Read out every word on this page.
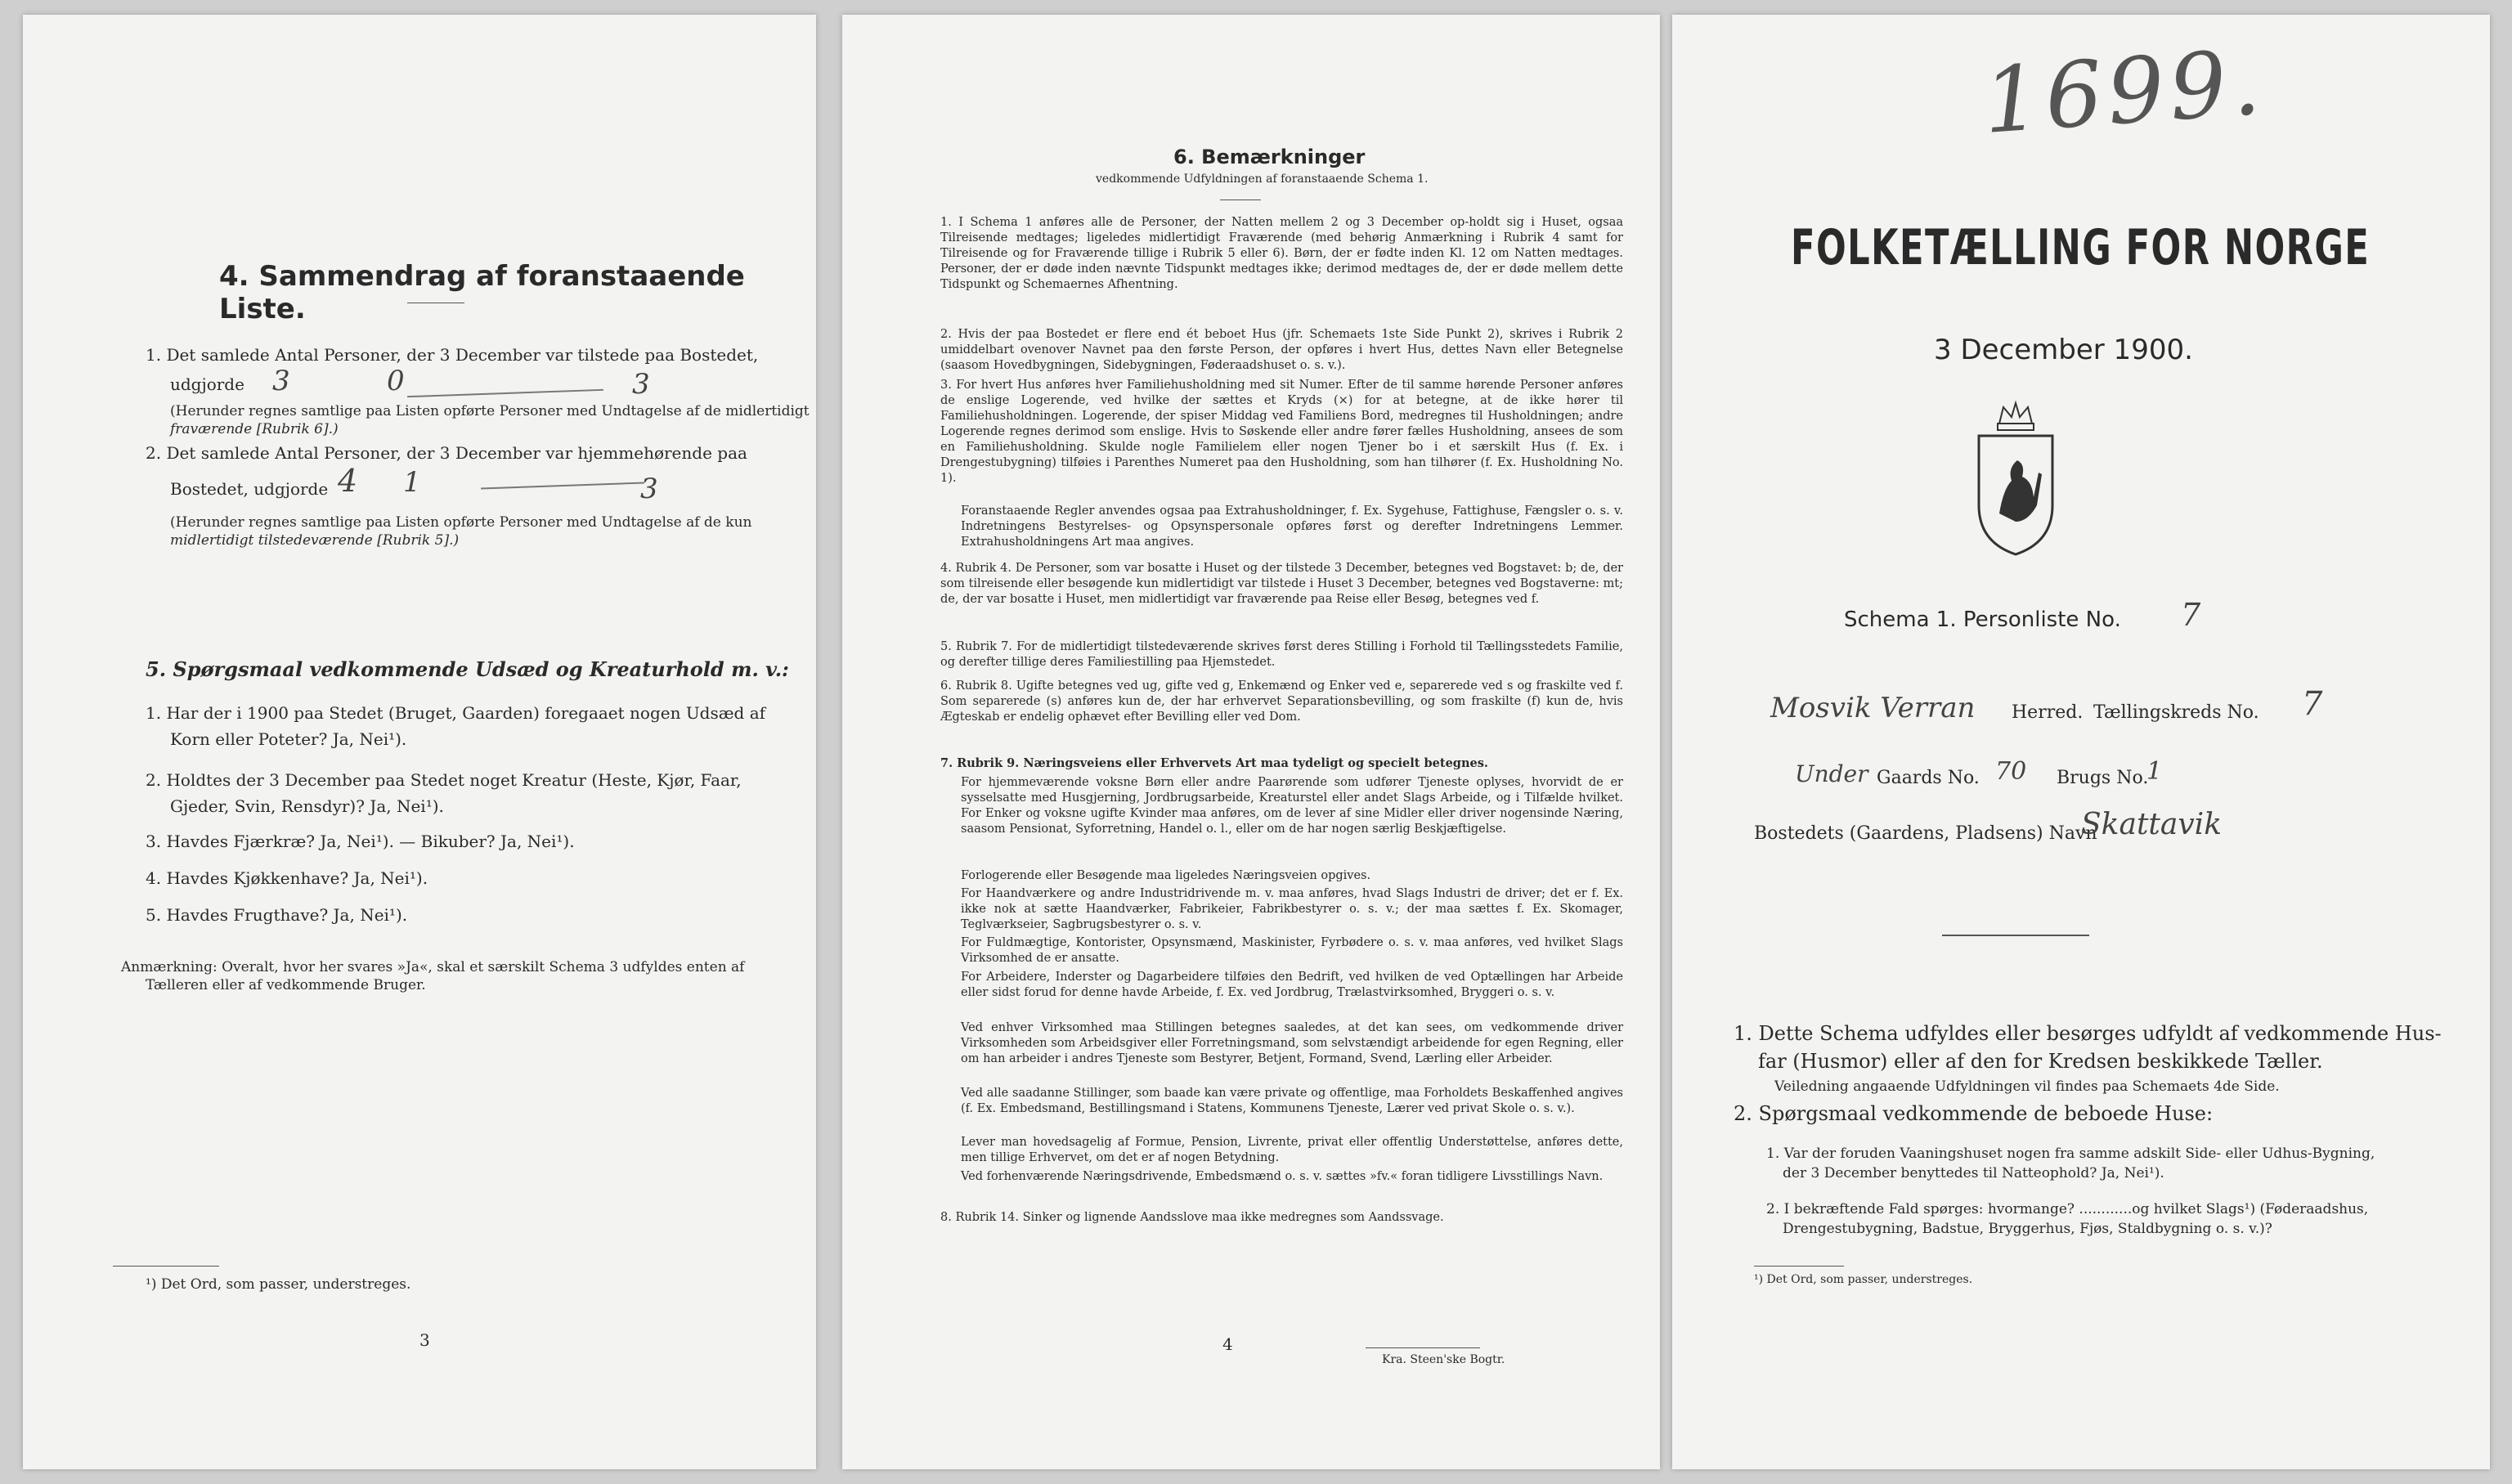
4. Sammendrag af foranstaaende Liste.
1. Det samlede Antal Personer, der 3 December var tilstede paa Bostedet,
udgjorde 3	0	3
(Herunder regnes samtlige paa Listen opførte Personer med Undtagelse af de midlertidigt
fraværende [Rubrik 6].)
2. Det samlede Antal Personer, der 3 December var hjemmehørende paa
Bostedet, udgjorde 4 1	3
(Herunder regnes samtlige paa Listen opførte Personer med Undtagelse af de kun
midlertidigt tilstedeværende [Rubrik 5].)
5. Spørgsmaal vedkommende Udsæd og Kreaturhold m. v.:
1. Har der i 1900 paa Stedet (Bruget, Gaarden) foregaaet nogen Udsæd af
Korn eller Poteter? Ja, Nei¹).
2. Holdtes der 3 December paa Stedet noget Kreatur (Heste, Kjør, Faar,
Gjeder, Svin, Rensdyr)? Ja, Nei¹).
3. Havdes Fjærkræ? Ja, Nei¹). — Bikuber? Ja, Nei¹).
4. Havdes Kjøkkenhave? Ja, Nei¹).
5. Havdes Frugthave? Ja, Nei¹).
Anmærkning: Overalt, hvor her svares »Ja«, skal et særskilt Schema 3 udfyldes enten af
Tælleren eller af vedkommende Bruger.
¹) Det Ord, som passer, understreges.
3
6. Bemærkninger
vedkommende Udfyldningen af foranstaaende Schema 1.
1. I Schema 1 anføres alle de Personer, der Natten mellem 2 og 3 December op-holdt sig i Huset, ogsaa Tilreisende medtages; ligeledes midlertidigt Fraværende (med behørig Anmærkning i Rubrik 4 samt for Tilreisende og for Fraværende tillige i Rubrik 5 eller 6). Børn, der er fødte inden Kl. 12 om Natten medtages. Personer, der er døde inden nævnte Tidspunkt medtages ikke; derimod medtages de, der er døde mellem dette Tidspunkt og Schemaernes Afhentning.
2. Hvis der paa Bostedet er flere end ét beboet Hus (jfr. Schemaets 1ste Side Punkt 2), skrives i Rubrik 2 umiddelbart ovenover Navnet paa den første Person, der opføres i hvert Hus, dettes Navn eller Betegnelse (saasom Hovedbygningen, Sidebygningen, Føderaadshuset o. s. v.).
3. For hvert Hus anføres hver Familiehusholdning med sit Numer. Efter de til samme hørende Personer anføres de enslige Logerende, ved hvilke der sættes et Kryds (×) for at betegne, at de ikke hører til Familiehusholdningen. Logerende, der spiser Middag ved Familiens Bord, medregnes til Husholdningen; andre Logerende regnes derimod som enslige. Hvis to Søskende eller andre fører fælles Husholdning, ansees de som en Familiehusholdning. Skulde nogle Familielem eller nogen Tjener bo i et særskilt Hus (f. Ex. i Drengestubygning) tilføies i Parenthes Numeret paa den Husholdning, som han tilhører (f. Ex. Husholdning No. 1).
Foranstaaende Regler anvendes ogsaa paa Extrahusholdninger, f. Ex. Sygehuse, Fattighuse, Fængsler o. s. v. Indretningens Bestyrelses- og Opsynspersonale opføres først og derefter Indretningens Lemmer. Extrahusholdningens Art maa angives.
4. Rubrik 4. De Personer, som var bosatte i Huset og der tilstede 3 December, betegnes ved Bogstavet: b; de, der som tilreisende eller besøgende kun midlertidigt var tilstede i Huset 3 December, betegnes ved Bogstaverne: mt; de, der var bosatte i Huset, men midlertidigt var fraværende paa Reise eller Besøg, betegnes ved f.
5. Rubrik 7. For de midlertidigt tilstedeværende skrives først deres Stilling i Forhold til Tællingsstedets Familie, og derefter tillige deres Familiestilling paa Hjemstedet.
6. Rubrik 8. Ugifte betegnes ved ug, gifte ved g, Enkemænd og Enker ved e, separerede ved s og fraskilte ved f. Som separerede (s) anføres kun de, der har erhvervet Separationsbevilling, og som fraskilte (f) kun de, hvis Ægteskab er endelig ophævet efter Bevilling eller ved Dom.
7. Rubrik 9. Næringsveiens eller Erhvervets Art maa tydeligt og specielt betegnes.
For hjemmeværende voksne Børn eller andre Paarørende som udfører Tjeneste oplyses, hvorvidt de er sysselsatte med Husgjerning, Jordbrugsarbeide, Kreaturstel eller andet Slags Arbeide, og i Tilfælde hvilket. For Enker og voksne ugifte Kvinder maa anføres, om de lever af sine Midler eller driver nogensinde Næring, saasom Pensionat, Syforretning, Handel o. l., eller om de har nogen særlig Beskjæftigelse.
Forlogerende eller Besøgende maa ligeledes Næringsveien opgives.
For Haandværkere og andre Industridrivende m. v. maa anføres, hvad Slags Industri de driver; det er f. Ex. ikke nok at sætte Haandværker, Fabrikeier, Fabrikbestyrer o. s. v.; der maa sættes f. Ex. Skomager, Teglværkseier, Sagbrugsbestyrer o. s. v.
For Fuldmægtige, Kontorister, Opsynsmænd, Maskinister, Fyrbødere o. s. v. maa anføres, ved hvilket Slags Virksomhed de er ansatte.
For Arbeidere, Inderster og Dagarbeidere tilføies den Bedrift, ved hvilken de ved Optællingen har Arbeide eller sidst forud for denne havde Arbeide, f. Ex. ved Jordbrug, Trælastvirksomhed, Bryggeri o. s. v.
Ved enhver Virksomhed maa Stillingen betegnes saaledes, at det kan sees, om vedkommende driver Virksomheden som Arbeidsgiver eller Forretningsmand, som selvstændigt arbeidende for egen Regning, eller om han arbeider i andres Tjeneste som Bestyrer, Betjent, Formand, Svend, Lærling eller Arbeider.
Ved alle saadanne Stillinger, som baade kan være private og offentlige, maa Forholdets Beskaffenhed angives (f. Ex. Embedsmand, Bestillingsmand i Statens, Kommunens Tjeneste, Lærer ved privat Skole o. s. v.).
Lever man hovedsagelig af Formue, Pension, Livrente, privat eller offentlig Understøttelse, anføres dette, men tillige Erhvervet, om det er af nogen Betydning.
Ved forhenværende Næringsdrivende, Embedsmænd o. s. v. sættes »fv.« foran tidligere Livsstillings Navn.
8. Rubrik 14. Sinker og lignende Aandsslove maa ikke medregnes som Aandssvage.
4
Kra. Steen'ske Bogtr.
1699.
FOLKETÆLLING FOR NORGE
3 December 1900.
Schema 1. Personliste No. 7
Mosvik Verran Herred. Tællingskreds No. 7
Under Gaards No. 70 Brugs No.
1
Bostedets (Gaardens, Pladsens) Navn
Skattavik
1. Dette Schema udfyldes eller besørges udfyldt af vedkommende Hus-
far (Husmor) eller af den for Kredsen beskikkede Tæller.
Veiledning angaaende Udfyldningen vil findes paa Schemaets 4de Side.
2. Spørgsmaal vedkommende de beboede Huse:
1. Var der foruden Vaaningshuset nogen fra samme adskilt Side- eller Udhus-Bygning,
der 3 December benyttedes til Natteophold? Ja, Nei¹).
2. I bekræftende Fald spørges: hvormange? ............og hvilket Slags¹) (Føderaadshus,
Drengestubygning, Badstue, Bryggerhus, Fjøs, Staldbygning o. s. v.)?
¹) Det Ord, som passer, understreges.
